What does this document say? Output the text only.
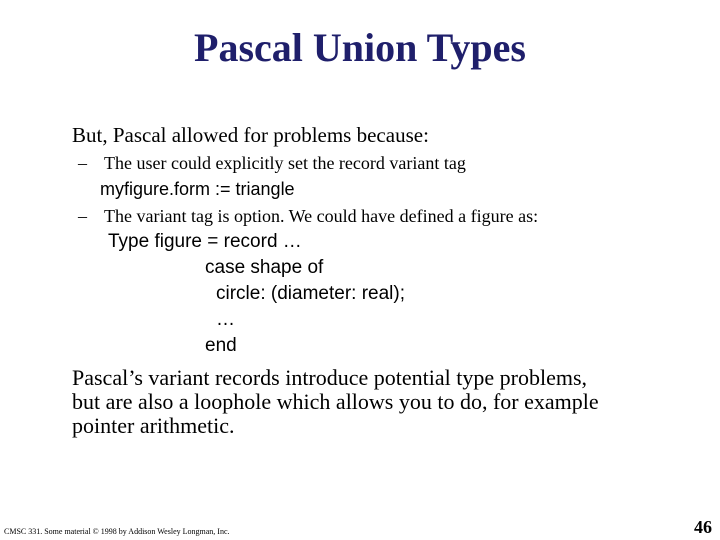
Pascal Union Types
But, Pascal allowed for problems because:
– The user could explicitly set the record variant tag
myfigure.form := triangle
– The variant tag is option. We could have defined a figure as:
Type figure = record …
case shape of
circle: (diameter: real);
…
end
Pascal’s variant records introduce potential type problems,
but are also a loophole which allows you to do, for example
pointer arithmetic.
CMSC 331. Some material © 1998 by Addison Wesley Longman, Inc.	46
